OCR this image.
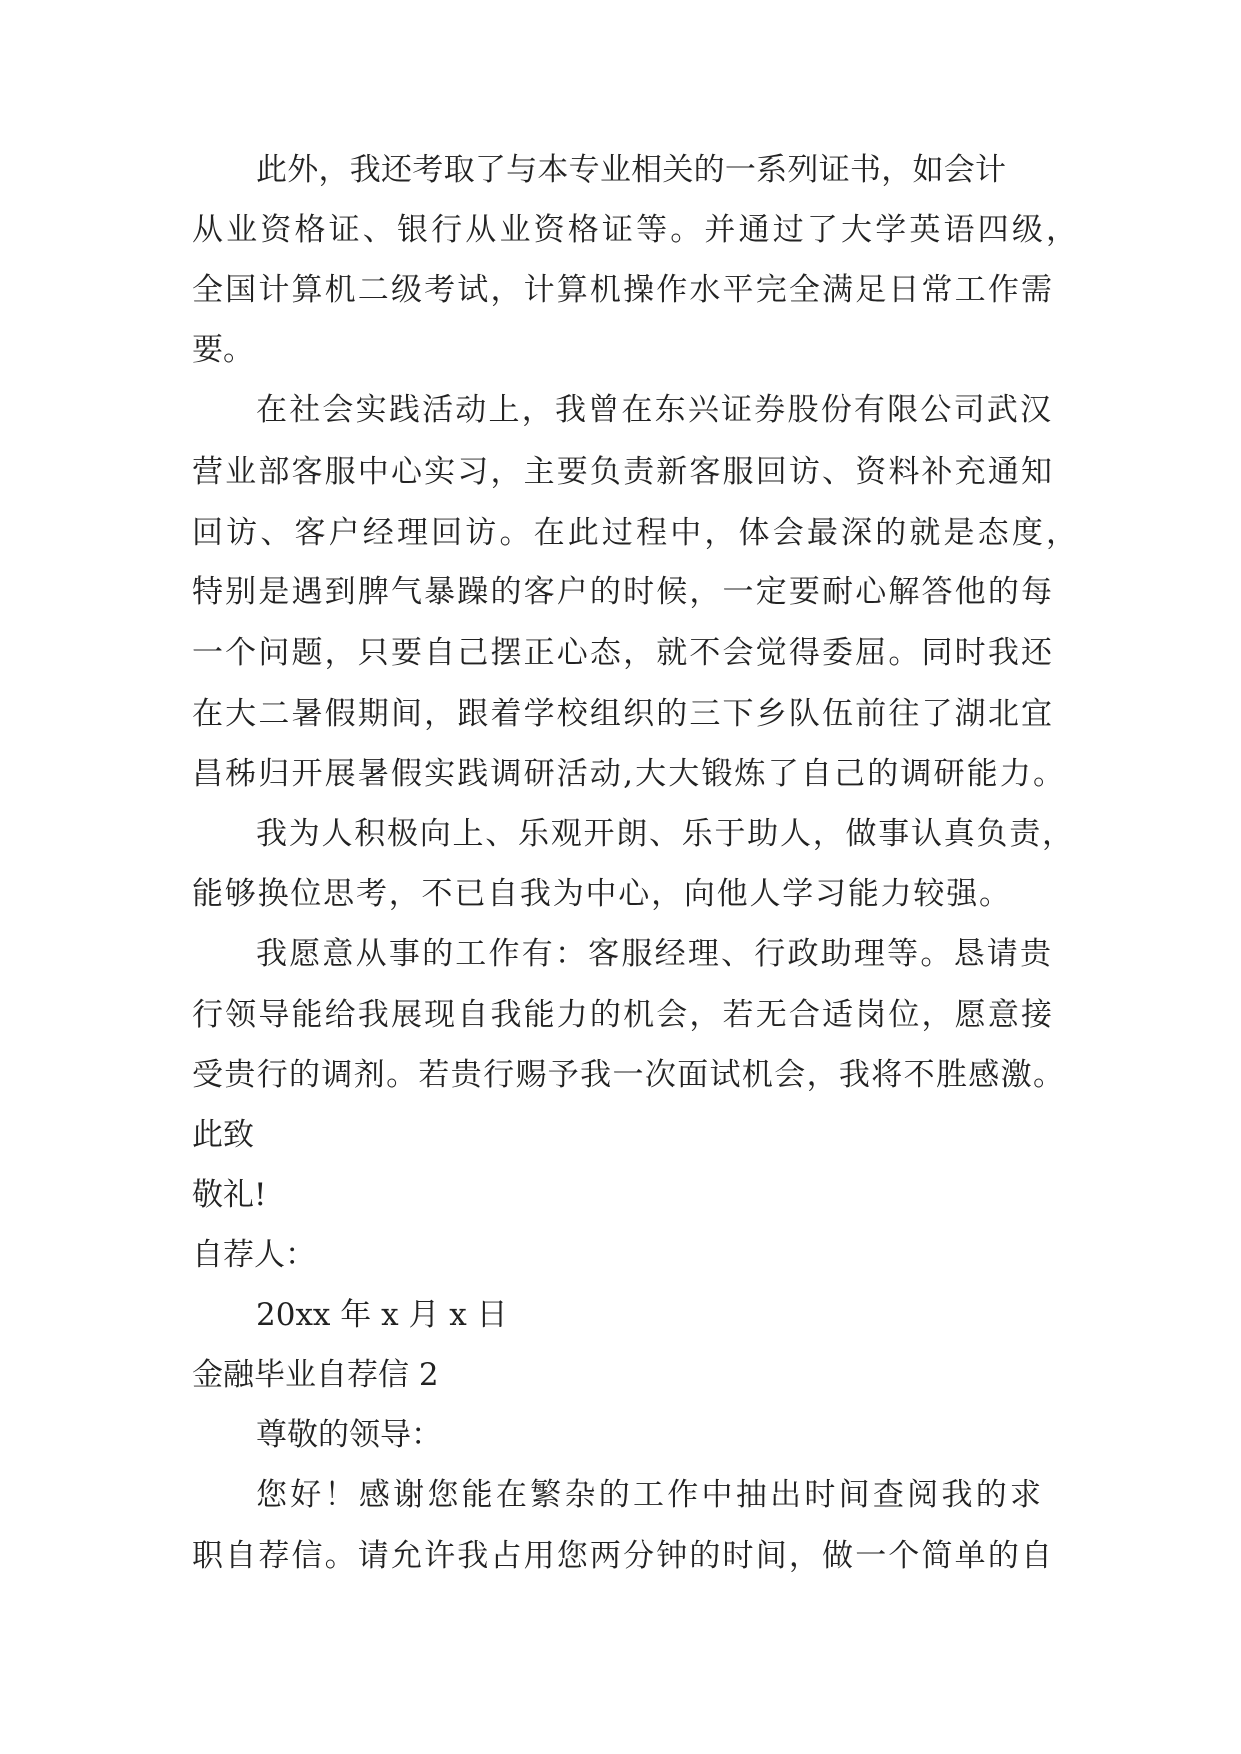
此外，我还考取了与本专业相关的一系列证书，如会计
从业资格证、银行从业资格证等。并通过了大学英语四级，
全国计算机二级考试，计算机操作水平完全满足日常工作需
要。
在社会实践活动上，我曾在东兴证券股份有限公司武汉
营业部客服中心实习，主要负责新客服回访、资料补充通知
回访、客户经理回访。在此过程中，体会最深的就是态度，
特别是遇到脾气暴躁的客户的时候，一定要耐心解答他的每
一个问题，只要自己摆正心态，就不会觉得委屈。同时我还
在大二暑假期间，跟着学校组织的三下乡队伍前往了湖北宜
昌秭归开展暑假实践调研活动,大大锻炼了自己的调研能力。
我为人积极向上、乐观开朗、乐于助人，做事认真负责，
能够换位思考，不已自我为中心，向他人学习能力较强。
我愿意从事的工作有：客服经理、行政助理等。恳请贵
行领导能给我展现自我能力的机会，若无合适岗位，愿意接
受贵行的调剂。若贵行赐予我一次面试机会，我将不胜感激。
此致
敬礼!
自荐人：
20xx 年 x 月 x 日
金融毕业自荐信 2
尊敬的领导：
您好！感谢您能在繁杂的工作中抽出时间查阅我的求
职自荐信。请允许我占用您两分钟的时间，做一个简单的自
